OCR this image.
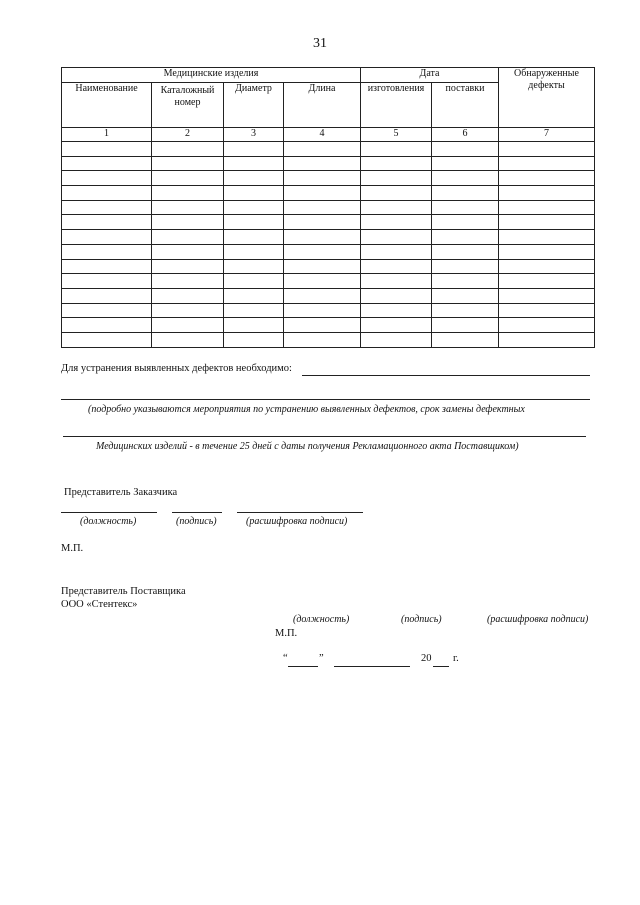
31
Медицинские изделия				Дата		Обнаруженные дефекты
Наименование	Каталожный номер	Диаметр	Длина	изготовления	поставки	
1	2	3	4	5	6	7

Для устранения выявленных дефектов необходимо:
(подробно указываются мероприятия по устранению выявленных дефектов, срок замены дефектных
Медицинских изделий - в течение 25 дней с даты получения Рекламационного акта Поставщиком)
Представитель Заказчика
(должность)	(подпись)	(расшифровка подписи)
М.П.
Представитель Поставщика
ООО «Стентекс»
(должность)	(подпись)	(расшифровка подписи)
М.П.
“	”	20 г.
